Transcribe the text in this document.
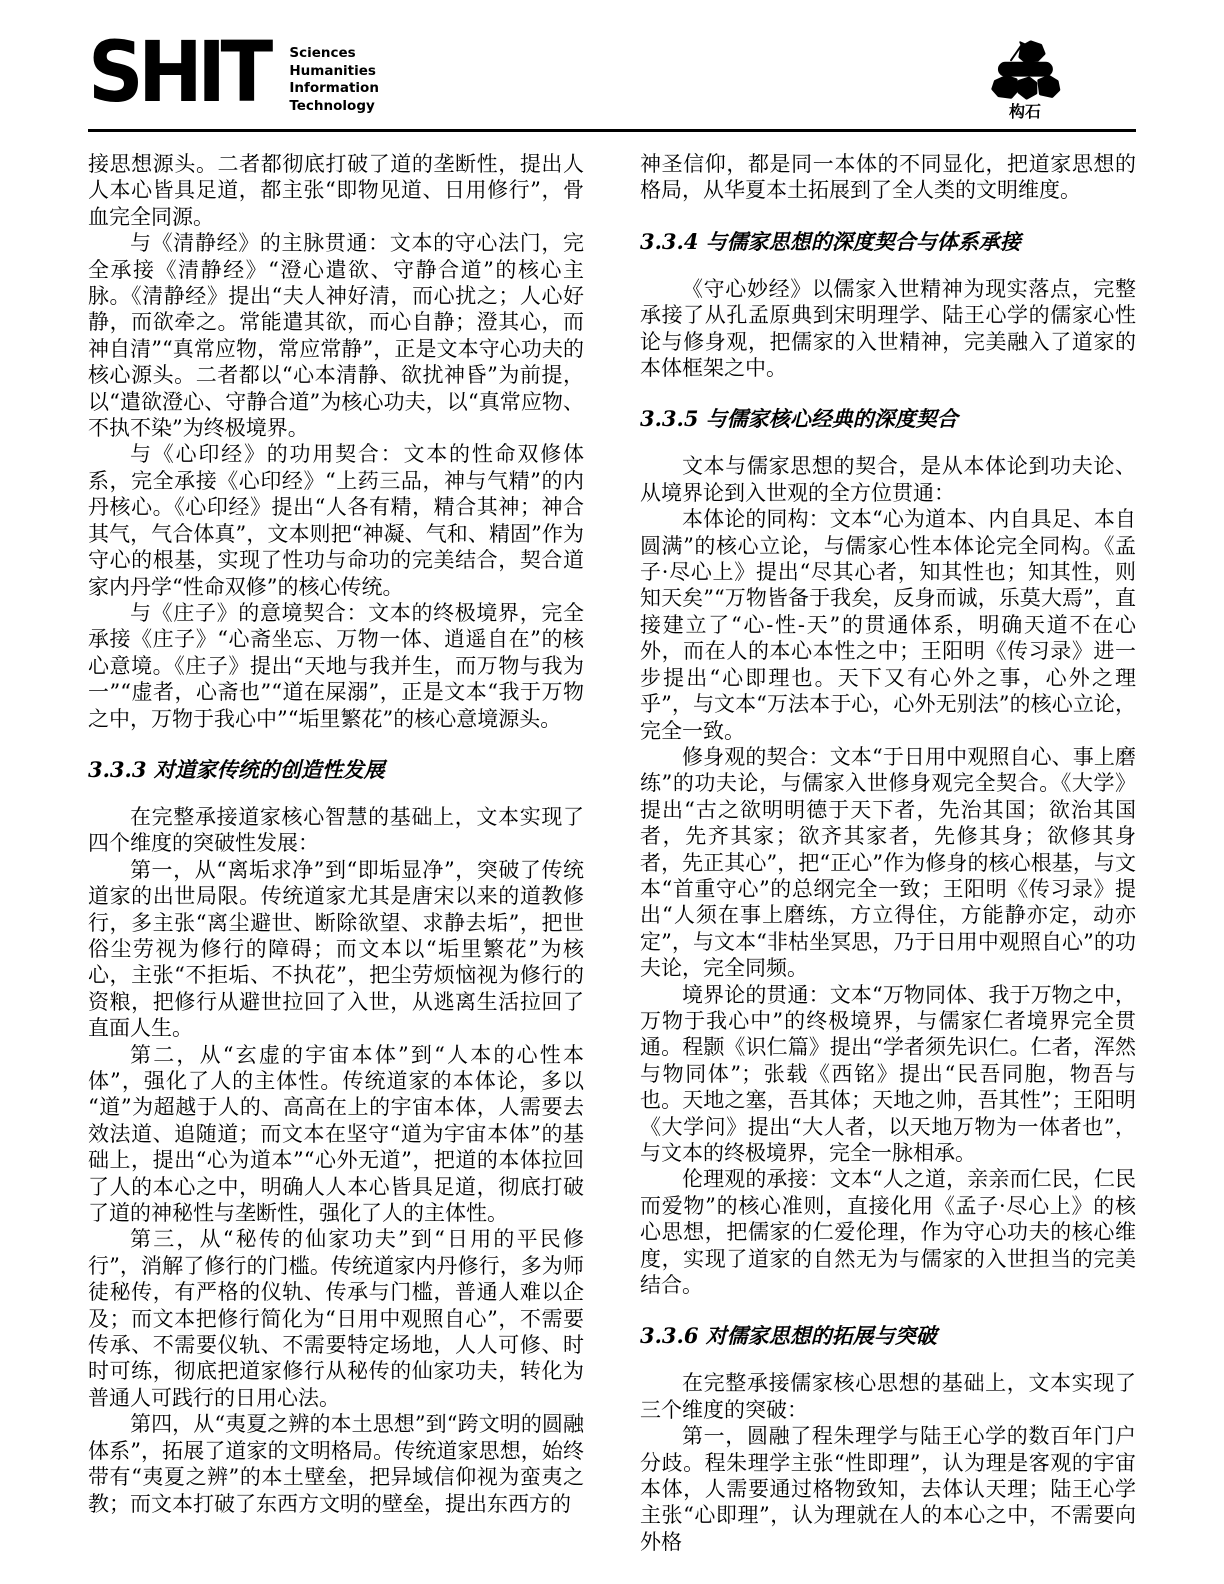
SHIT Sciences
Humanities
Information
Technology	构石

接思想源头。二者都彻底打破了道的垄断性，提出人人本心皆具足道，都主张“即物见道、日用修行”，骨血完全同源。

与《清静经》的主脉贯通：文本的守心法门，完全承接《清静经》“澄心遣欲、守静合道”的核心主脉。《清静经》提出“夫人神好清，而心扰之；人心好静，而欲牵之。常能遣其欲，而心自静；澄其心，而神自清”“真常应物，常应常静”，正是文本守心功夫的核心源头。二者都以“心本清静、欲扰神昏”为前提，以“遣欲澄心、守静合道”为核心功夫，以“真常应物、不执不染”为终极境界。

与《心印经》的功用契合：文本的性命双修体系，完全承接《心印经》“上药三品，神与气精”的内丹核心。《心印经》提出“人各有精，精合其神；神合其气，气合体真”，文本则把“神凝、气和、精固”作为守心的根基，实现了性功与命功的完美结合，契合道家内丹学“性命双修”的核心传统。

与《庄子》的意境契合：文本的终极境界，完全承接《庄子》“心斋坐忘、万物一体、逍遥自在”的核心意境。《庄子》提出“天地与我并生，而万物与我为一”“虚者，心斋也”“道在屎溺”，正是文本“我于万物之中，万物于我心中”“垢里繁花”的核心意境源头。

3.3.3 对道家传统的创造性发展

在完整承接道家核心智慧的基础上，文本实现了四个维度的突破性发展：

第一，从“离垢求净”到“即垢显净”，突破了传统道家的出世局限。传统道家尤其是唐宋以来的道教修行，多主张“离尘避世、断除欲望、求静去垢”，把世俗尘劳视为修行的障碍；而文本以“垢里繁花”为核心，主张“不拒垢、不执花”，把尘劳烦恼视为修行的资粮，把修行从避世拉回了入世，从逃离生活拉回了直面人生。

第二，从“玄虚的宇宙本体”到“人本的心性本体”，强化了人的主体性。传统道家的本体论，多以“道”为超越于人的、高高在上的宇宙本体，人需要去效法道、追随道；而文本在坚守“道为宇宙本体”的基础上，提出“心为道本”“心外无道”，把道的本体拉回了人的本心之中，明确人人本心皆具足道，彻底打破了道的神秘性与垄断性，强化了人的主体性。

第三，从“秘传的仙家功夫”到“日用的平民修行”，消解了修行的门槛。传统道家内丹修行，多为师徒秘传，有严格的仪轨、传承与门槛，普通人难以企及；而文本把修行简化为“日用中观照自心”，不需要传承、不需要仪轨、不需要特定场地，人人可修、时时可练，彻底把道家修行从秘传的仙家功夫，转化为普通人可践行的日用心法。

第四，从“夷夏之辨的本土思想”到“跨文明的圆融体系”，拓展了道家的文明格局。传统道家思想，始终带有“夷夏之辨”的本土壁垒，把异域信仰视为蛮夷之教；而文本打破了东西方文明的壁垒，提出东西方的

神圣信仰，都是同一本体的不同显化，把道家思想的格局，从华夏本土拓展到了全人类的文明维度。

3.3.4 与儒家思想的深度契合与体系承接

《守心妙经》以儒家入世精神为现实落点，完整承接了从孔孟原典到宋明理学、陆王心学的儒家心性论与修身观，把儒家的入世精神，完美融入了道家的本体框架之中。

3.3.5 与儒家核心经典的深度契合

文本与儒家思想的契合，是从本体论到功夫论、从境界论到入世观的全方位贯通：

本体论的同构：文本“心为道本、内自具足、本自圆满”的核心立论，与儒家心性本体论完全同构。《孟子·尽心上》提出“尽其心者，知其性也；知其性，则知天矣”“万物皆备于我矣，反身而诚，乐莫大焉”，直接建立了“心-性-天”的贯通体系，明确天道不在心外，而在人的本心本性之中；王阳明《传习录》进一步提出“心即理也。天下又有心外之事，心外之理乎”，与文本“万法本于心，心外无别法”的核心立论，完全一致。

修身观的契合：文本“于日用中观照自心、事上磨练”的功夫论，与儒家入世修身观完全契合。《大学》提出“古之欲明明德于天下者，先治其国；欲治其国者，先齐其家；欲齐其家者，先修其身；欲修其身者，先正其心”，把“正心”作为修身的核心根基，与文本“首重守心”的总纲完全一致；王阳明《传习录》提出“人须在事上磨练，方立得住，方能静亦定，动亦定”，与文本“非枯坐冥思，乃于日用中观照自心”的功夫论，完全同频。

境界论的贯通：文本“万物同体、我于万物之中，万物于我心中”的终极境界，与儒家仁者境界完全贯通。程颢《识仁篇》提出“学者须先识仁。仁者，浑然与物同体”；张载《西铭》提出“民吾同胞，物吾与也。天地之塞，吾其体；天地之帅，吾其性”；王阳明《大学问》提出“大人者，以天地万物为一体者也”，与文本的终极境界，完全一脉相承。

伦理观的承接：文本“人之道，亲亲而仁民，仁民而爱物”的核心准则，直接化用《孟子·尽心上》的核心思想，把儒家的仁爱伦理，作为守心功夫的核心维度，实现了道家的自然无为与儒家的入世担当的完美结合。

3.3.6 对儒家思想的拓展与突破

在完整承接儒家核心思想的基础上，文本实现了三个维度的突破：

第一，圆融了程朱理学与陆王心学的数百年门户分歧。程朱理学主张“性即理”，认为理是客观的宇宙本体，人需要通过格物致知，去体认天理；陆王心学主张“心即理”，认为理就在人的本心之中，不需要向外格
